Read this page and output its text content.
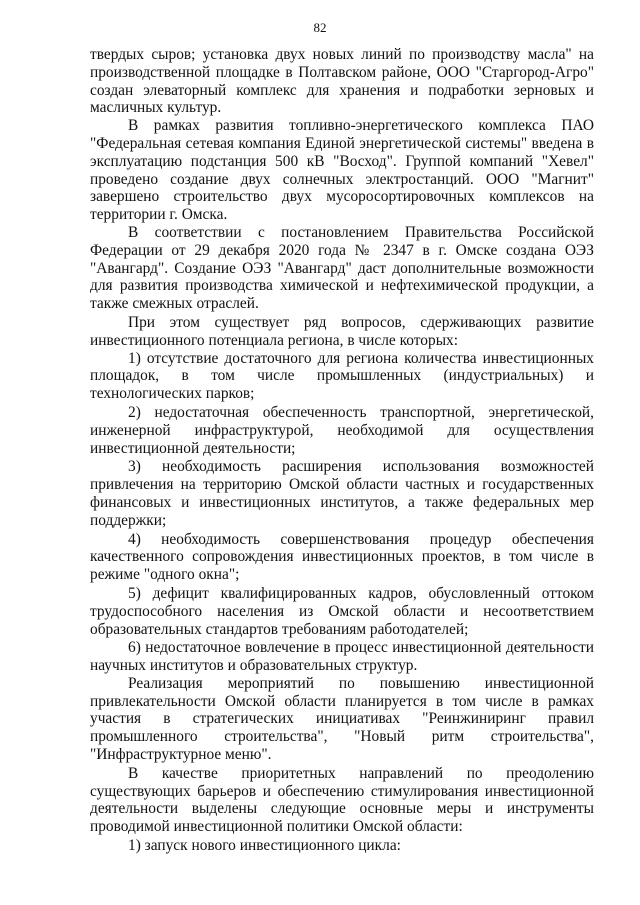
82

твердых сыров; установка двух новых линий по производству масла" на производственной площадке в Полтавском районе, ООО "Старгород-Агро" создан элеваторный комплекс для хранения и подработки зерновых и масличных культур.

В рамках развития топливно-энергетического комплекса ПАО "Федеральная сетевая компания Единой энергетической системы" введена в эксплуатацию подстанция 500 кВ "Восход". Группой компаний "Хевел" проведено создание двух солнечных электростанций. ООО "Магнит" завершено строительство двух мусоросортировочных комплексов на территории г. Омска.

В соответствии с постановлением Правительства Российской Федерации от 29 декабря 2020 года № 2347 в г. Омске создана ОЭЗ "Авангард". Создание ОЭЗ "Авангард" даст дополнительные возможности для развития производства химической и нефтехимической продукции, а также смежных отраслей.

При этом существует ряд вопросов, сдерживающих развитие инвестиционного потенциала региона, в числе которых:

1) отсутствие достаточного для региона количества инвестиционных площадок, в том числе промышленных (индустриальных) и технологических парков;

2) недостаточная обеспеченность транспортной, энергетической, инженерной инфраструктурой, необходимой для осуществления инвестиционной деятельности;

3) необходимость расширения использования возможностей привлечения на территорию Омской области частных и государственных финансовых и инвестиционных институтов, а также федеральных мер поддержки;

4) необходимость совершенствования процедур обеспечения качественного сопровождения инвестиционных проектов, в том числе в режиме "одного окна";

5) дефицит квалифицированных кадров, обусловленный оттоком трудоспособного населения из Омской области и несоответствием образовательных стандартов требованиям работодателей;

6) недостаточное вовлечение в процесс инвестиционной деятельности научных институтов и образовательных структур.

Реализация мероприятий по повышению инвестиционной привлекательности Омской области планируется в том числе в рамках участия в стратегических инициативах "Реинжиниринг правил промышленного строительства", "Новый ритм строительства", "Инфраструктурное меню".

В качестве приоритетных направлений по преодолению существующих барьеров и обеспечению стимулирования инвестиционной деятельности выделены следующие основные меры и инструменты проводимой инвестиционной политики Омской области:

1) запуск нового инвестиционного цикла:
